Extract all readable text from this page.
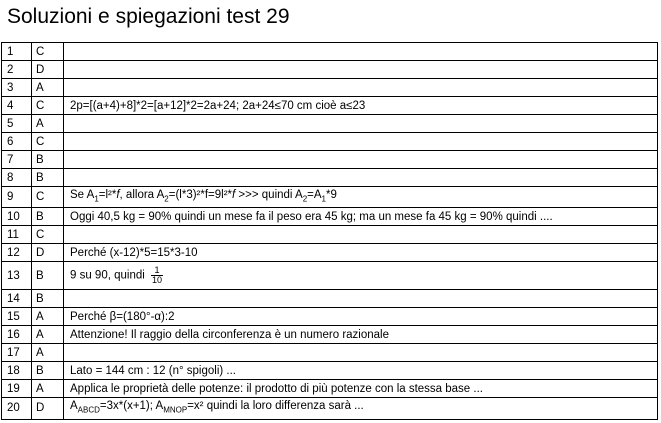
Soluzioni e spiegazioni test 29
1	C	
2	D	
3	A	
4	C	2p=[(a+4)+8]*2=[a+12]*2=2a+24; 2a+24≤70 cm cioè a≤23
5	A	
6	C	
7	B	
8	B	
9	C	Se $A_1=l^2*f$, allora $A_2=(l*3)^2*f=9l^2*f$ >>> quindi $A_2=A_1*9$
10	B	Oggi 40,5 kg = 90% quindi un mese fa il peso era 45 kg; ma un mese fa 45 kg = 90% quindi ....
11	C	
12	D	Perché (x-12)*5=15*3-10
13	B	9 su 90, quindi $\frac{1}{10}$

14	B	
15	A	Perché β=(180°-α):2
16	A	Attenzione! Il raggio della circonferenza è un numero razionale
17	A	
18	B	Lato = 144 cm : 12 (n° spigoli) ...
19	A	Applica le proprietà delle potenze: il prodotto di più potenze con la stessa base ...
20	D	$A_{ABCD}=3x*(x+1)$; $A_{MNOP}=x^2$ quindi la loro differenza sarà ...
